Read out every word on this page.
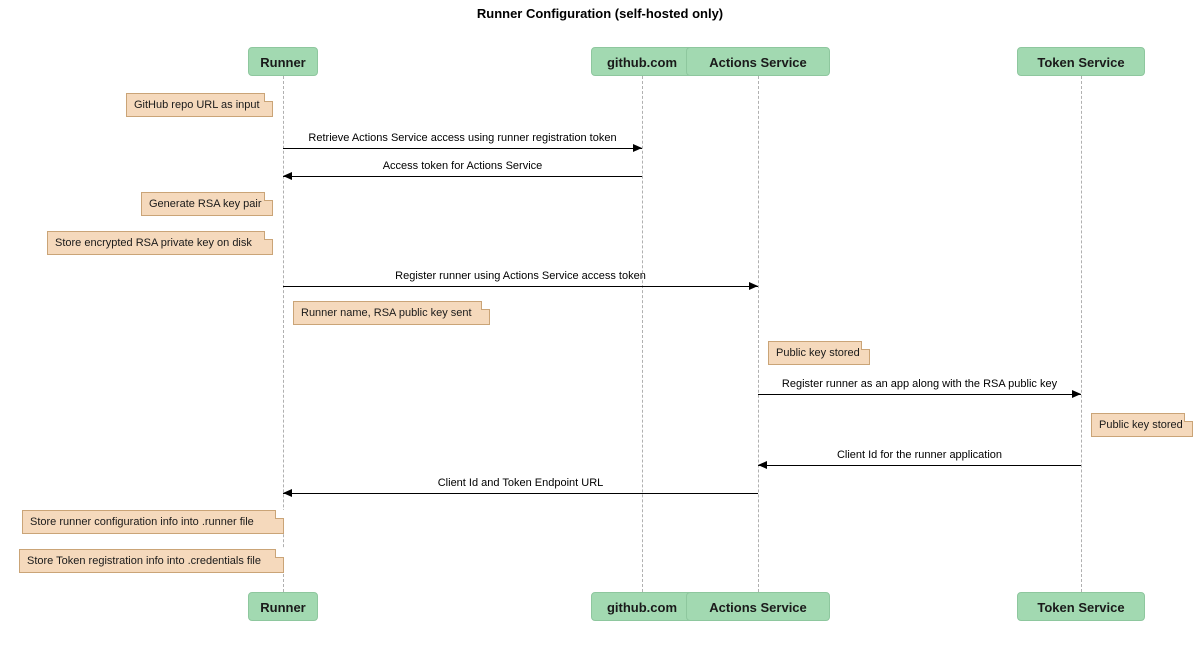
Runner Configuration (self-hosted only)
Runner
Runner
github.com
github.com
Actions Service
Actions Service
Token Service
Token Service
Retrieve Actions Service access using runner registration token
Access token for Actions Service
Register runner using Actions Service access token
Register runner as an app along with the RSA public key
Client Id for the runner application
Client Id and Token Endpoint URL
GitHub repo URL as input
Generate RSA key pair
Store encrypted RSA private key on disk
Runner name, RSA public key sent
Public key stored
Public key stored
Store runner configuration info into .runner file
Store Token registration info into .credentials file
